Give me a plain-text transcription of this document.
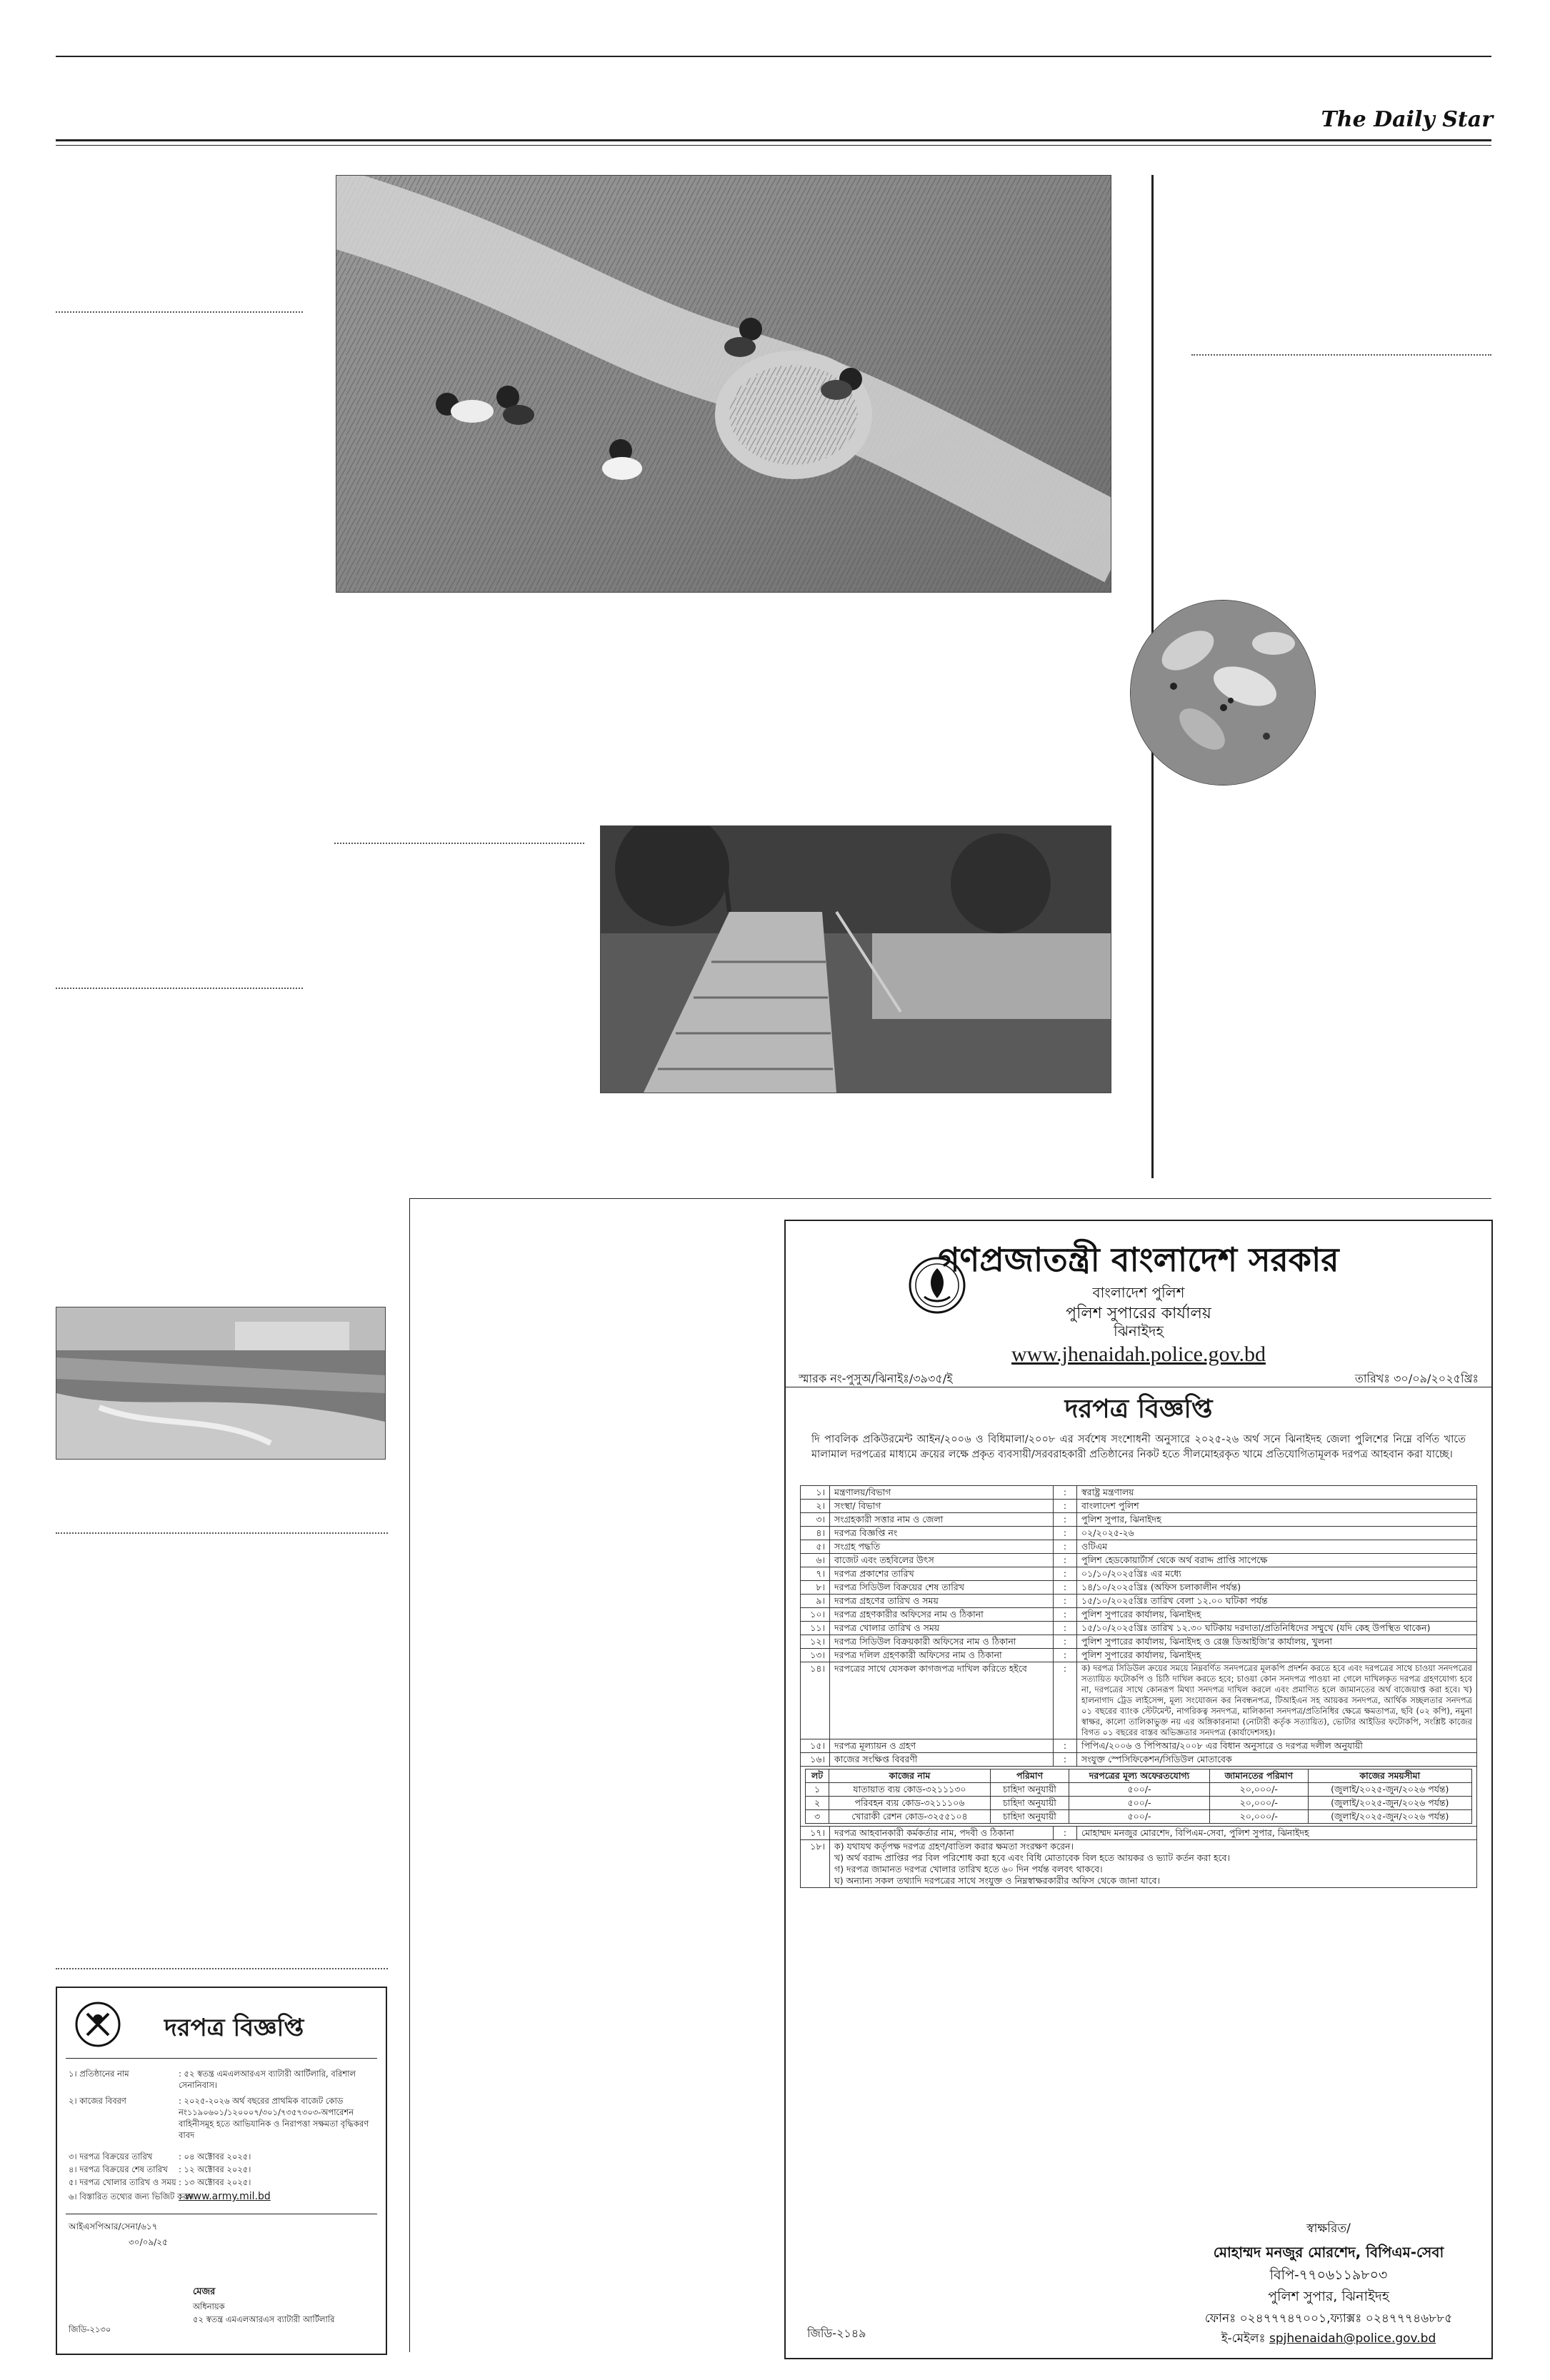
The Daily Star
দরপত্র বিজ্ঞপ্তি
১। প্রতিষ্ঠানের নাম	: ৫২ স্বতন্ত্র এমএলআরএস ব্যাটারী আর্টিলারি, বরিশাল সেনানিবাস।
২। কাজের বিবরণ	: ২০২৫-২০২৬ অর্থ বছরের প্রাথমিক বাজেট কোড নং১১৯০৬০১/১২০০০৭/৩০১/৭৩৫৭৩০৩-অপারেশন বাহিনীসমূহ হতে আভিযানিক ও নিরাপত্তা সক্ষমতা বৃদ্ধিকরণ বাবদ
৩। দরপত্র বিক্রয়ের তারিখ	: ০৪ অক্টোবর ২০২৫।
৪। দরপত্র বিক্রয়ের শেষ তারিখ : ১২ অক্টোবর ২০২৫।
৫। দরপত্র খোলার তারিখ ও সময় : ১৩ অক্টোবর ২০২৫।
৬। বিস্তারিত তথ্যের জন্য ভিজিট করুন
: www.army.mil.bd
আইএসপিআর/সেনা/৬১৭
৩০/০৯/২৫
মেজর
অধিনায়ক
৫২ স্বতন্ত্র এমএলআরএস ব্যাটারী আর্টিলারি
জিডি-২১৩০
গণপ্রজাতন্ত্রী বাংলাদেশ সরকার
বাংলাদেশ পুলিশ
পুলিশ সুপারের কার্যালয়
ঝিনাইদহ
www.jhenaidah.police.gov.bd
স্মারক নং-পুসুঅ/ঝিনাইঃ/৩৯৩৫/ই	তারিখঃ ৩০/০৯/২০২৫খ্রিঃ
দরপত্র বিজ্ঞপ্তি
দি পাবলিক প্রকিউরমেন্ট আইন/২০০৬ ও বিধিমালা/২০০৮ এর সর্বশেষ সংশোধনী অনুসারে ২০২৫-২৬ অর্থ সনে ঝিনাইদহ জেলা পুলিশের নিম্নে বর্ণিত খাতে মালামাল দরপত্রের মাধ্যমে ক্রয়ের লক্ষে প্রকৃত ব্যবসায়ী/সরবরাহকারী প্রতিষ্ঠানের নিকট হতে সীলমোহরকৃত খামে প্রতিযোগিতামূলক দরপত্র আহবান করা যাচ্ছে।
১।	মন্ত্রণালয়/বিভাগ	:	স্বরাষ্ট্র মন্ত্রণালয়
২।	সংস্থা/ বিভাগ	:	বাংলাদেশ পুলিশ
৩।	সংগ্রহকারী সত্তার নাম ও জেলা	:	পুলিশ সুপার, ঝিনাইদহ
৪।	দরপত্র বিজ্ঞপ্তি নং	:	০২/২০২৫-২৬
৫।	সংগ্রহ পদ্ধতি	:	ওটিএম
৬।	বাজেট এবং তহবিলের উৎস	:	পুলিশ হেডকোয়ার্টার্স থেকে অর্থ বরাদ্দ প্রাপ্তি সাপেক্ষে
৭।	দরপত্র প্রকাশের তারিখ	:	০১/১০/২০২৫খ্রিঃ এর মধ্যে
৮।	দরপত্র সিডিউল বিক্রয়ের শেষ তারিখ	:	১৪/১০/২০২৫খ্রিঃ (অফিস চলাকালীন পর্যন্ত)
৯।	দরপত্র গ্রহণের তারিখ ও সময়	:	১৫/১০/২০২৫খ্রিঃ তারিখ বেলা ১২.০০ ঘটিকা পর্যন্ত
১০।	দরপত্র গ্রহণকারীর অফিসের নাম ও ঠিকানা	:	পুলিশ সুপারের কার্যালয়, ঝিনাইদহ
১১।	দরপত্র খোলার তারিখ ও সময়	:	১৫/১০/২০২৫খ্রিঃ তারিখ ১২.৩০ ঘটিকায় দরদাতা/প্রতিনিধিদের সম্মুখে (যদি কেহ উপস্থিত থাকেন)
১২।	দরপত্র সিডিউল বিক্রয়কারী অফিসের নাম ও ঠিকানা	:	পুলিশ সুপারের কার্যালয়, ঝিনাইদহ ও রেঞ্জ ডিআইজি’র কার্যালয়, খুলনা
১৩।	দরপত্র দলিল গ্রহণকারী অফিসের নাম ও ঠিকানা	:	পুলিশ সুপারের কার্যালয়, ঝিনাইদহ
১৪।	দরপত্রের সাথে যেসকল কাগজপত্র দাখিল করিতে হইবে	:	ক) দরপত্র সিডিউল ক্রয়ের সময়ে নিম্নবর্ণিত সনদপত্রের মূলকপি প্রদর্শন করতে হবে এবং দরপত্রের সাথে চাওয়া সনদপত্রের সত্যায়িত ফটোকপি ও চিঠি দাখিল করতে হবে; চাওয়া কোন সনদপত্র পাওয়া না গেলে দাখিলকৃত দরপত্র গ্রহণযোগ্য হবে না, দরপত্রের সাথে কোনরূপ মিথ্যা সনদপত্র দাখিল করলে এবং প্রমাণিত হলে জামানতের অর্থ বাজেয়াপ্ত করা হবে। খ) হালনাগাদ ট্রেড লাইসেন্স, মূল্য সংযোজন কর নিবন্ধনপত্র, টিআইএন সহ আয়কর সনদপত্র, আর্থিক সচ্ছলতার সনদপত্র ০১ বছরের ব্যাংক স্টেটমেন্ট, নাগরিকত্ব সনদপত্র, মালিকানা সনদপত্র/প্রতিনিধির ক্ষেত্রে ক্ষমতাপত্র, ছবি (০২ কপি), নমুনা স্বাক্ষর, কালো তালিকাভুক্ত নয় এর অঙ্গিকারনামা (নোটারী কর্তৃক সত্যায়িত), ভোটার আইডির ফটোকপি, সংশ্লিষ্ট কাজের বিগত ০১ বছরের বাস্তব অভিজ্ঞতার সনদপত্র (কার্যাদেশসহ)।
১৫।	দরপত্র মূল্যায়ন ও গ্রহণ	:	পিপিএ/২০০৬ ও পিপিআর/২০০৮ এর বিধান অনুসারে ও দরপত্র দলীল অনুযায়ী
১৬।	কাজের সংক্ষিপ্ত বিবরণী	:	সংযুক্ত স্পেসিফিকেশন/সিডিউল মোতাবেক

লট	কাজের নাম	পরিমাণ	দরপত্রের মূল্য অফেরতযোগ্য	জামানতের পরিমাণ	কাজের সময়সীমা
১	যাতায়াত ব্যয় কোড-৩২১১১৩০	চাহিদা অনুযায়ী	৫০০/-	২০,০০০/-	(জুলাই/২০২৫-জুন/২০২৬ পর্যন্ত)
২	পরিবহন ব্যয় কোড-৩২১১১০৬	চাহিদা অনুযায়ী	৫০০/-	২০,০০০/-	(জুলাই/২০২৫-জুন/২০২৬ পর্যন্ত)
৩	খোরাকী রেশন কোড-৩২৫৫১০৪	চাহিদা অনুযায়ী	৫০০/-	২০,০০০/-	(জুলাই/২০২৫-জুন/২০২৬ পর্যন্ত)

১৭।	দরপত্র আহবানকারী কর্মকর্তার নাম, পদবী ও ঠিকানা	:	মোহাম্মদ মনজুর মোরশেদ, বিপিএম-সেবা, পুলিশ সুপার, ঝিনাইদহ
১৮।	ক) যথাযথ কর্তৃপক্ষ দরপত্র গ্রহণ/বাতিল করার ক্ষমতা সংরক্ষণ করেন।
খ) অর্থ বরাদ্দ প্রাপ্তির পর বিল পরিশোধ করা হবে এবং বিধি মোতাবেক বিল হতে আয়কর ও ভ্যাট কর্তন করা হবে।
গ) দরপত্র জামানত দরপত্র খোলার তারিখ হতে ৬০ দিন পর্যন্ত বলবৎ থাকবে।
ঘ) অন্যান্য সকল তথ্যাদি দরপত্রের সাথে সংযুক্ত ও নিম্নস্বাক্ষরকারীর অফিস থেকে জানা যাবে।
স্বাক্ষরিত/
মোহাম্মদ মনজুর মোরশেদ, বিপিএম-সেবা
বিপি-৭৭০৬১১৯৮০৩
পুলিশ সুপার, ঝিনাইদহ
ফোনঃ ০২৪৭৭৭৪৭০০১,ফ্যাক্সঃ ০২৪৭৭৭৪৬৮৮৫
ই-মেইলঃ spjhenaidah@police.gov.bd
জিডি-২১৪৯
